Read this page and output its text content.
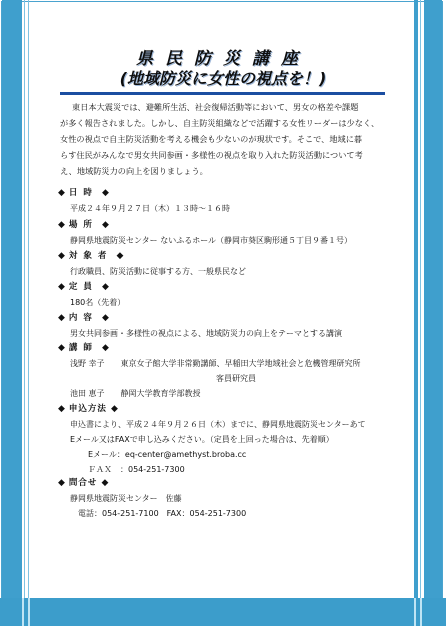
県民防災講座
(地域防災に女性の視点を！)

東日本大震災では、避難所生活、社会復帰活動等において、男女の格差や課題

が多く報告されました。しかし、自主防災組織などで活躍する女性リーダーは少なく、

女性の視点で自主防災活動を考える機会も少ないのが現状です。そこで、地域に暮

らす住民がみんなで男女共同参画・多様性の視点を取り入れた防災活動について考

え、地域防災力の向上を図りましょう。

◆ 日時 ◆
平成２４年９月２７日（木）１３時～１６時
◆ 場所 ◆
静岡県地震防災センター ないふるホール（静岡市葵区駒形通５丁目９番１号）
◆ 対象者 ◆
行政職員、防災活動に従事する方、一般県民など
◆ 定員 ◆
180名（先着）
◆ 内容 ◆
男女共同参画・多様性の視点による、地域防災力の向上をテーマとする講演
◆ 講師 ◆
浅野 幸子　　東京女子館大学非常勤講師、早稲田大学地域社会と危機管理研究所
客員研究員
池田 恵子　　静岡大学教育学部教授
◆ 申込方法 ◆
申込書により、平成２４年９月２６日（木）までに、静岡県地震防災センターあて
Eメール又はFAXで申し込みください。（定員を上回った場合は、先着順）
Eメール：eq-center@amethyst.broba.cc
ＦＡＸ　：054-251-7300
◆ 問合せ ◆
静岡県地震防災センター　佐藤
電話：054-251-7100　FAX：054-251-7300
